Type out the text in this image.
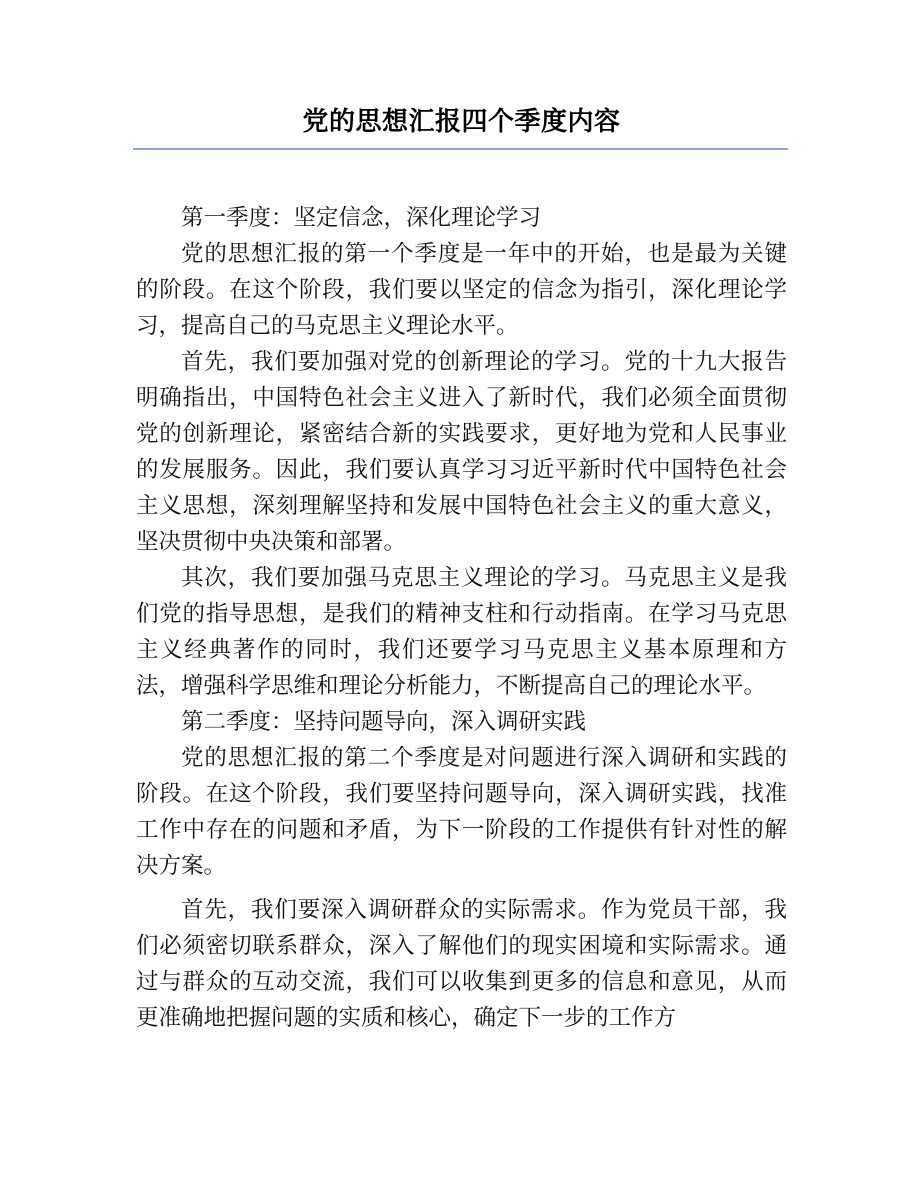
党的思想汇报四个季度内容

第一季度：坚定信念，深化理论学习

党的思想汇报的第一个季度是一年中的开始，也是最为关键的阶段。在这个阶段，我们要以坚定的信念为指引，深化理论学习，提高自己的马克思主义理论水平。

首先，我们要加强对党的创新理论的学习。党的十九大报告明确指出，中国特色社会主义进入了新时代，我们必须全面贯彻党的创新理论，紧密结合新的实践要求，更好地为党和人民事业的发展服务。因此，我们要认真学习习近平新时代中国特色社会主义思想，深刻理解坚持和发展中国特色社会主义的重大意义，坚决贯彻中央决策和部署。

其次，我们要加强马克思主义理论的学习。马克思主义是我们党的指导思想，是我们的精神支柱和行动指南。在学习马克思主义经典著作的同时，我们还要学习马克思主义基本原理和方法，增强科学思维和理论分析能力，不断提高自己的理论水平。

第二季度：坚持问题导向，深入调研实践

党的思想汇报的第二个季度是对问题进行深入调研和实践的阶段。在这个阶段，我们要坚持问题导向，深入调研实践，找准工作中存在的问题和矛盾，为下一阶段的工作提供有针对性的解决方案。

首先，我们要深入调研群众的实际需求。作为党员干部，我们必须密切联系群众，深入了解他们的现实困境和实际需求。通过与群众的互动交流，我们可以收集到更多的信息和意见，从而更准确地把握问题的实质和核心，确定下一步的工作方
